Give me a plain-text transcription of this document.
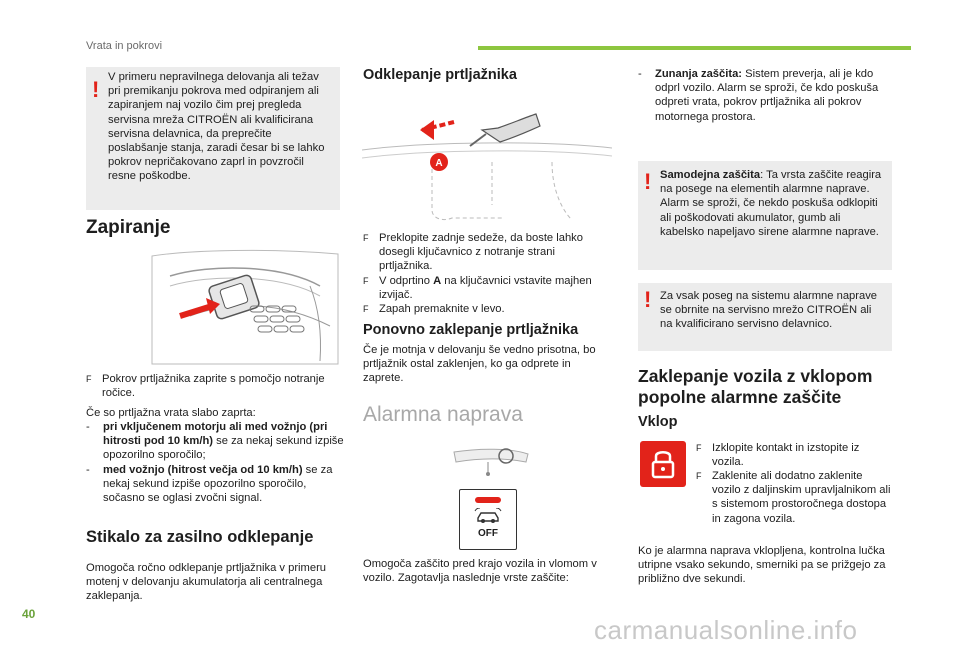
Vrata in pokrovi
! V primeru nepravilnega delovanja ali težav pri premikanju pokrova med odpiranjem ali zapiranjem naj vozilo čim prej pregleda servisna mreža CITROËN ali kvalificirana servisna delavnica, da preprečite poslabšanje stanja, zaradi česar bi se lahko pokrov nepričakovano zaprl in povzročil resne poškodbe.

Zapiranje
F Pokrov prtljažnika zaprite s pomočjo notranje ročice.

Če so prtljažna vrata slabo zaprta:

-	pri vključenem motorju ali med vožnjo (pri hitrosti pod 10 km/h) se za nekaj sekund izpiše opozorilno sporočilo;
-	med vožnjo (hitrost večja od 10 km/h) se za nekaj sekund izpiše opozorilno sporočilo, sočasno se oglasi zvočni signal.
Stikalo za zasilno odklepanje

Omogoča ročno odklepanje prtljažnika v primeru motenj v delovanju akumulatorja ali centralnega zaklepanja.

Odklepanje prtljažnika
A
F Preklopite zadnje sedeže, da boste lahko dosegli ključavnico z notranje strani prtljažnika.
F V odprtino A na ključavnici vstavite majhen izvijač.
F Zapah premaknite v levo.
Ponovno zaklepanje prtljažnika

Če je motnja v delovanju še vedno prisotna, bo prtljažnik ostal zaklenjen, ko ga odprete in zaprete.

Alarmna naprava
OFF

Omogoča zaščito pred krajo vozila in vlomom v vozilo. Zagotavlja naslednje vrste zaščite:

-	Zunanja zaščita: Sistem preverja, ali je kdo odprl vozilo. Alarm se sproži, če kdo poskuša odpreti vrata, pokrov prtljažnika ali pokrov motornega prostora.
! Samodejna zaščita: Ta vrsta zaščite reagira na posege na elementih alarmne naprave. Alarm se sproži, če nekdo poskuša odklopiti ali poškodovati akumulator, gumb ali kabelsko napeljavo sirene alarmne naprave.

! Za vsak poseg na sistemu alarmne naprave se obrnite na servisno mrežo CITROËN ali na kvalificirano servisno delavnico.

Zaklepanje vozila z vklopom popolne alarmne zaščite
Vklop
F Izklopite kontakt in izstopite iz vozila.
F Zaklenite ali dodatno zaklenite vozilo z daljinskim upravljalnikom ali s sistemom prostoročnega dostopa in zagona vozila.

Ko je alarmna naprava vklopljena, kontrolna lučka utripne vsako sekundo, smerniki pa se prižgejo za približno dve sekundi.

40
carmanualsonline.info
